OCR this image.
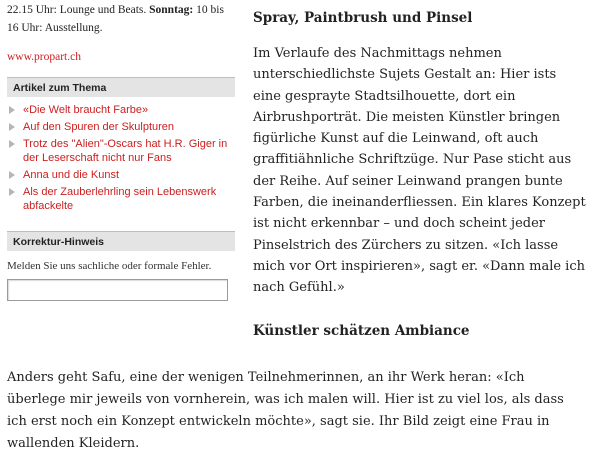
22.15 Uhr: Lounge und Beats. Sonntag: 10 bis
16 Uhr: Ausstellung.
www.propart.ch
Artikel zum Thema
«Die Welt braucht Farbe»
Auf den Spuren der Skulpturen
Trotz des "Alien"-Oscars hat H.R. Giger in der Leserschaft nicht nur Fans
Anna und die Kunst
Als der Zauberlehrling sein Lebenswerk abfackelte
Korrektur-Hinweis

Melden Sie uns sachliche oder formale Fehler.

Spray, Paintbrush und Pinsel

Im Verlaufe des Nachmittags nehmen unterschiedlichste Sujets Gestalt an: Hier ists eine gesprayte Stadtsilhouette, dort ein Airbrushporträt. Die meisten Künstler bringen figürliche Kunst auf die Leinwand, oft auch graffitiähnliche Schriftzüge. Nur Pase sticht aus der Reihe. Auf seiner Leinwand prangen bunte Farben, die ineinanderfliessen. Ein klares Konzept ist nicht erkennbar – und doch scheint jeder Pinselstrich des Zürchers zu sitzen. «Ich lasse mich vor Ort inspirieren», sagt er. «Dann male ich nach Gefühl.»

Künstler schätzen Ambiance

Anders geht Safu, eine der wenigen Teilnehmerinnen, an ihr Werk heran: «Ich überlege mir jeweils von vornherein, was ich malen will. Hier ist zu viel los, als dass ich erst noch ein Konzept entwickeln möchte», sagt sie. Ihr Bild zeigt eine Frau in wallenden Kleidern.
